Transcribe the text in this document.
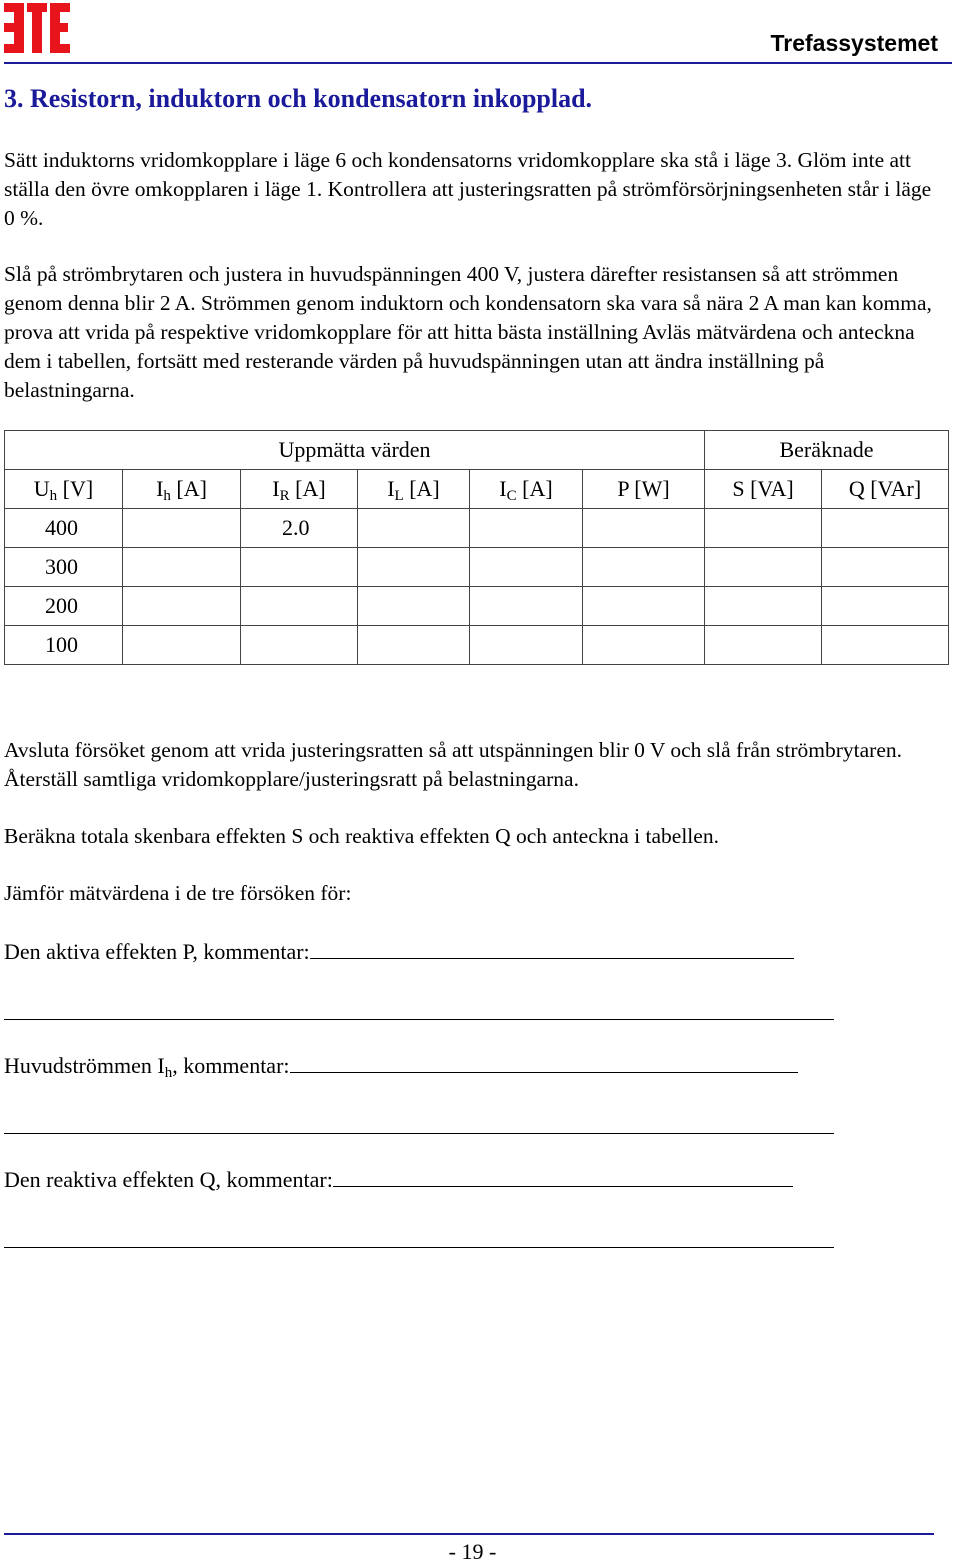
Trefassystemet
3. Resistorn, induktorn och kondensatorn inkopplad.

Sätt induktorns vridomkopplare i läge 6 och kondensatorns vridomkopplare ska stå i läge 3. Glöm inte att ställa den övre omkopplaren i läge 1. Kontrollera att justeringsratten på strömförsörjningsenheten står i läge 0 %.

Slå på strömbrytaren och justera in huvudspänningen 400 V, justera därefter resistansen så att strömmen genom denna blir 2 A. Strömmen genom induktorn och kondensatorn ska vara så nära 2 A man kan komma, prova att vrida på respektive vridomkopplare för att hitta bästa inställning Avläs mätvärdena och anteckna dem i tabellen, fortsätt med resterande värden på huvudspänningen utan att ändra inställning på belastningarna.

Uppmätta värden						Beräknade	
Uh [V]	Ih [A]	IR [A]	IL [A]	IC [A]	P [W]	S [VA]	Q [VAr]
400		2.0					
300							
200							
100							

Avsluta försöket genom att vrida justeringsratten så att utspänningen blir 0 V och slå från strömbrytaren. Återställ samtliga vridomkopplare/justeringsratt på belastningarna.

Beräkna totala skenbara effekten S och reaktiva effekten Q och anteckna i tabellen.

Jämför mätvärdena i de tre försöken för:

Den aktiva effekten P, kommentar:
Huvudströmmen Ih, kommentar:
Den reaktiva effekten Q, kommentar:
- 19 -
